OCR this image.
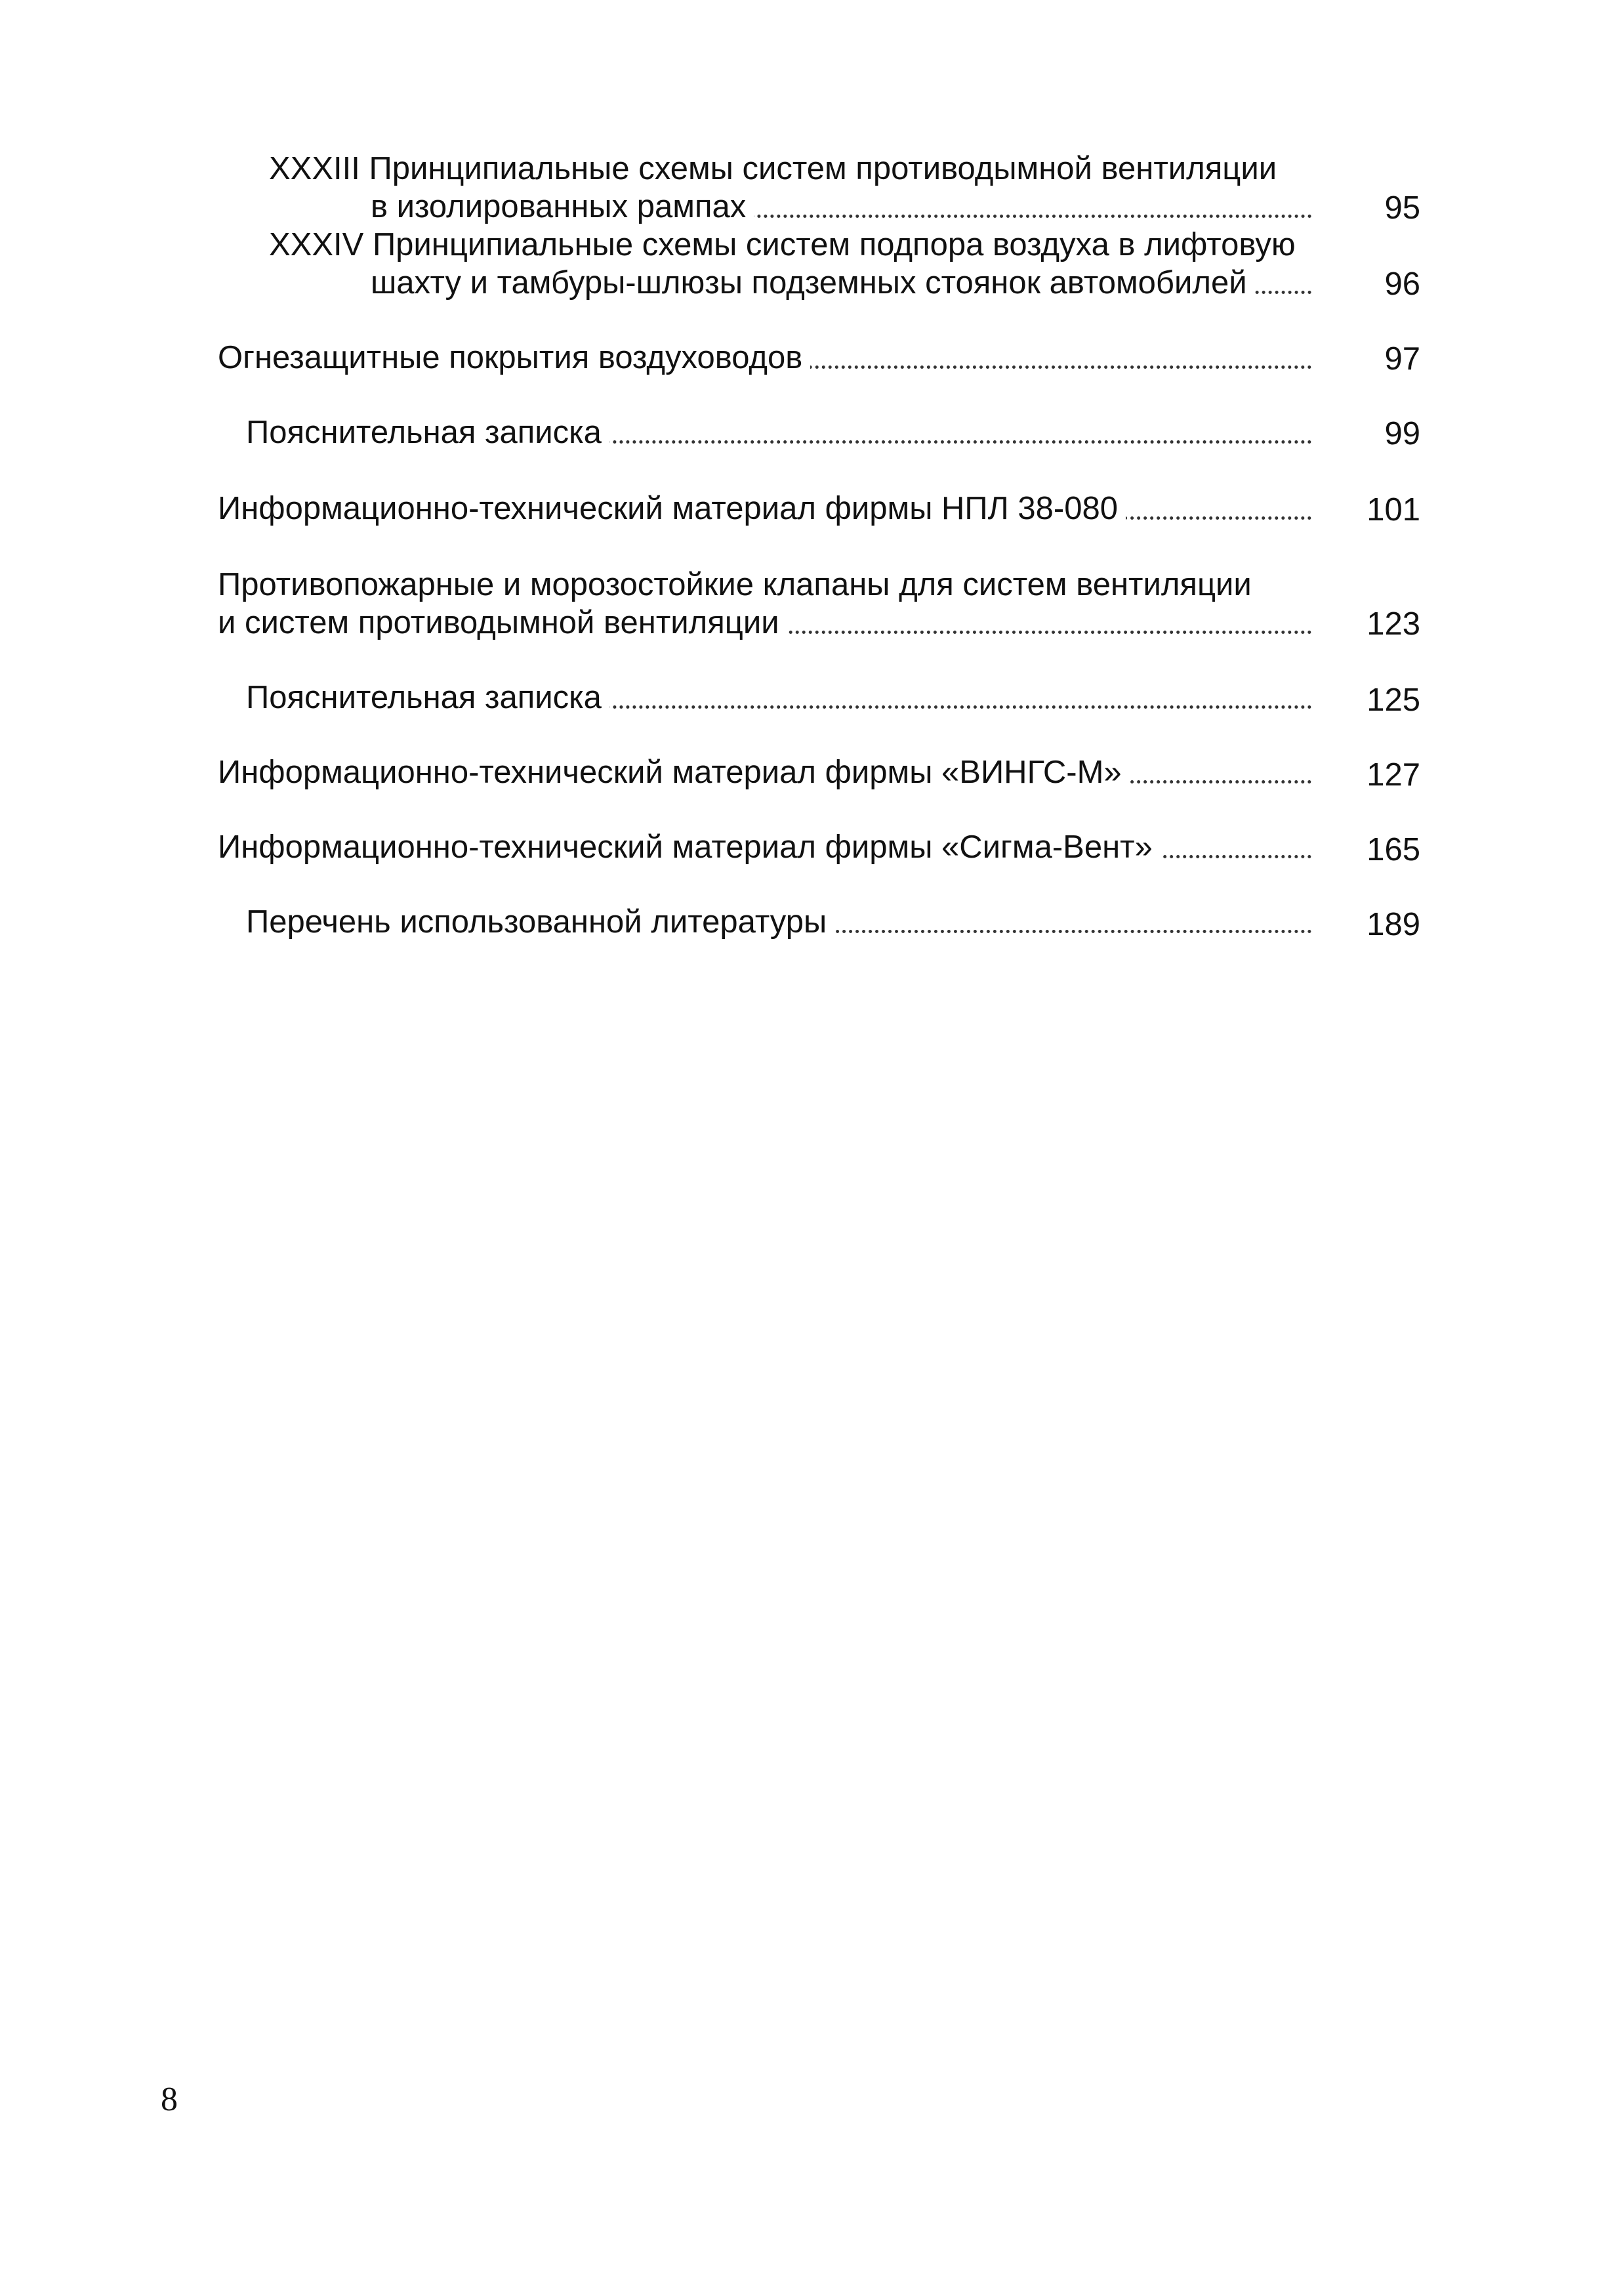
XXXIII Принципиальные схемы систем противодымной вентиляции
в изолированных рампах	95
XXXIV Принципиальные схемы систем подпора воздуха в лифтовую
шахту и тамбуры-шлюзы подземных стоянок автомобилей	96
Огнезащитные покрытия воздуховодов	97
Пояснительная записка	99
Информационно-технический материал фирмы НПЛ 38-080	101
Противопожарные и морозостойкие клапаны для систем вентиляции
и систем противодымной вентиляции	123
Пояснительная записка	125
Информационно-технический материал фирмы «ВИНГС-М»	127
Информационно-технический материал фирмы «Сигма-Вент»	165
Перечень использованной литературы	189
8
